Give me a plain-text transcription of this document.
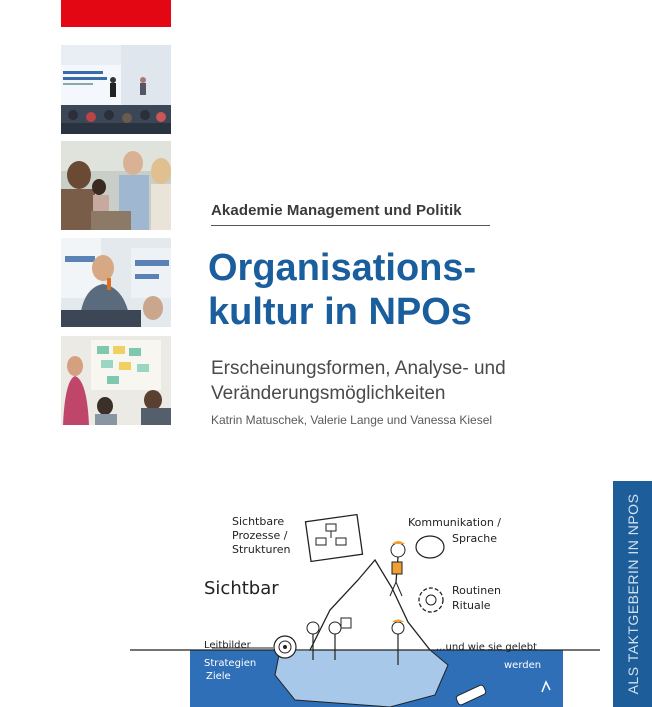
Akademie Management und Politik
Organisations-
kultur in NPOs
Erscheinungsformen, Analyse- und
Veränderungsmöglichkeiten
Katrin Matuschek, Valerie Lange und Vanessa Kiesel
ALS TAKTGEBERIN IN NPOS
Sichtbare
Prozesse /
Strukturen
Kommunikation /
Sprache
Sichtbar	Routinen
Rituale
Leitbilder
Strategien
Ziele
...und wie sie gelebt
werden
